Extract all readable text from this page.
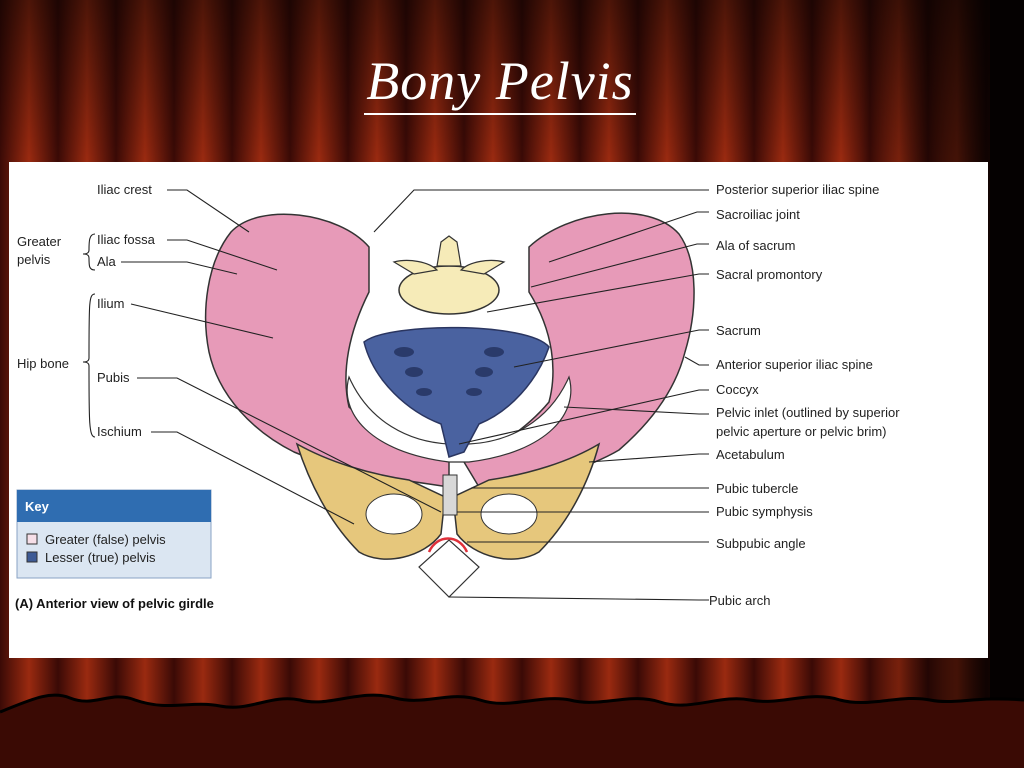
Bony Pelvis
Iliac crest
Greater
pelvis
Iliac fossa
Ala
Ilium
Hip bone
Pubis
Ischium
Posterior superior iliac spine
Sacroiliac joint
Ala of sacrum
Sacral promontory
Sacrum
Anterior superior iliac spine
Coccyx
Pelvic inlet (outlined by superior
pelvic aperture or pelvic brim)
Acetabulum
Pubic tubercle
Pubic symphysis
Subpubic angle
Pubic arch
Key
Greater (false) pelvis
Lesser (true) pelvis
(A) Anterior view of pelvic girdle
